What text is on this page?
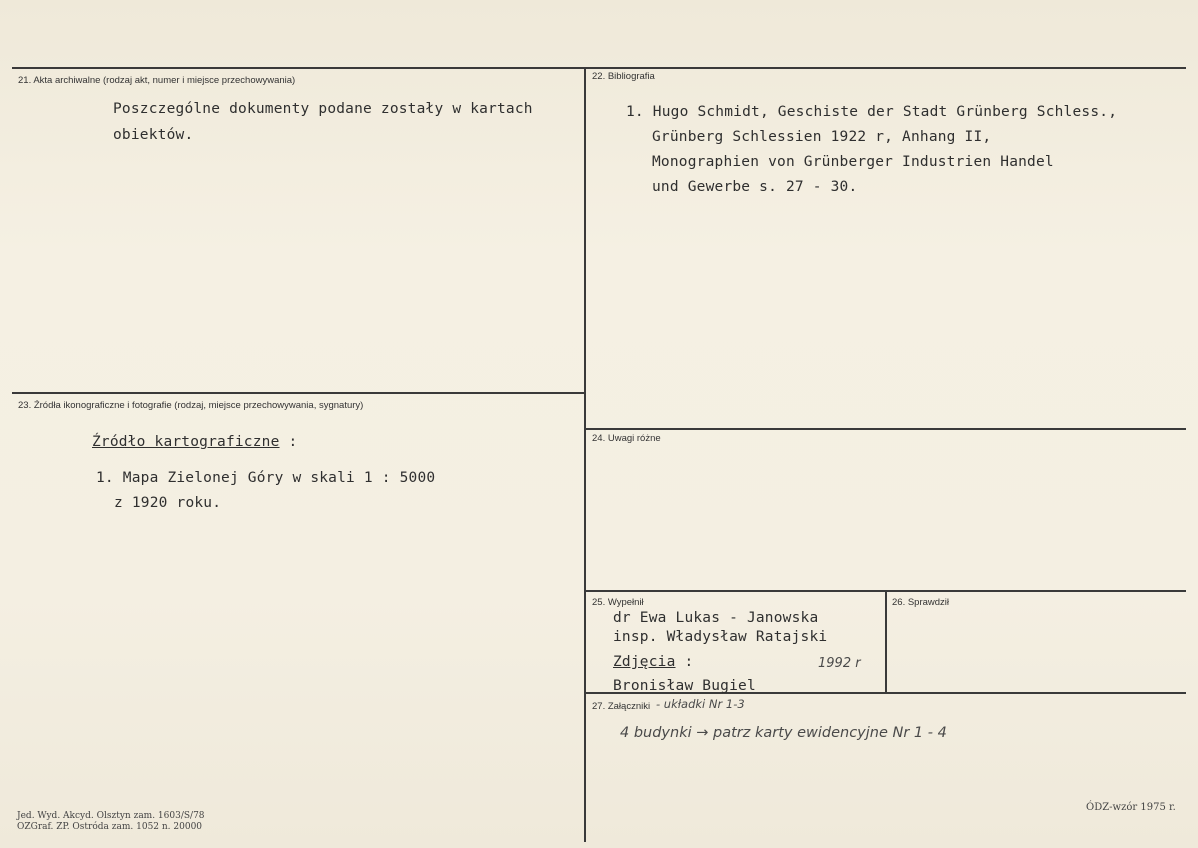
21. Akta archiwalne (rodzaj akt, numer i miejsce przechowywania)
Poszczególne dokumenty podane zostały w kartach
obiektów.
22. Bibliografia
1. Hugo Schmidt, Geschiste der Stadt Grünberg Schless.,
Grünberg Schlessien 1922 r, Anhang II,
Monographien von Grünberger Industrien Handel
und Gewerbe s. 27 - 30.
23. Źródła ikonograficzne i fotografie (rodzaj, miejsce przechowywania, sygnatury)
Źródło kartograficzne :
1. Mapa Zielonej Góry w skali 1 : 5000
z 1920 roku.
24. Uwagi różne
25. Wypełnił
dr Ewa Lukas - Janowska
insp. Władysław Ratajski
Zdjęcia :	1992 r
Bronisław Bugiel
26. Sprawdził
27. Załączniki - układki Nr 1-3
4 budynki → patrz karty ewidencyjne Nr 1 - 4
Jed. Wyd. Akcyd. Olsztyn zam. 1603/S/78
OZGraf. ZP. Ostróda zam. 1052 n. 20000
ÓDZ-wzór 1975 r.
